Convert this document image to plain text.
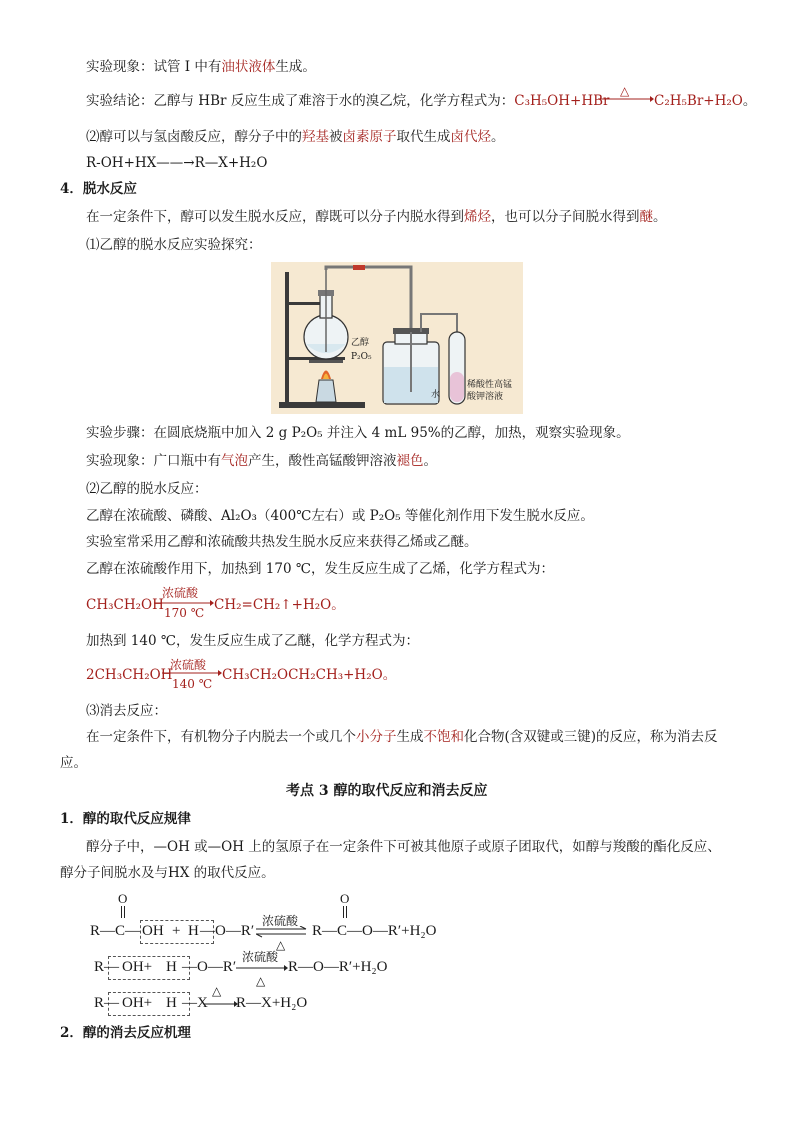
实验现象：试管 Ⅰ 中有油状液体生成。
实验结论：乙醇与 HBr 反应生成了难溶于水的溴乙烷，化学方程式为：C₃H₅OH+HBr
△
C₂H₅Br+H₂O。
⑵醇可以与氢卤酸反应，醇分子中的羟基被卤素原子取代生成卤代烃。
R-OH+HX——→R—X+H₂O
4．脱水反应
在一定条件下，醇可以发生脱水反应，醇既可以分子内脱水得到烯烃，也可以分子间脱水得到醚。
⑴乙醇的脱水反应实验探究：
乙醇
P₂O₅
水
稀酸性高锰
酸钾溶液
实验步骤：在圆底烧瓶中加入 2 g P₂O₅ 并注入 4 mL 95%的乙醇，加热，观察实验现象。
实验现象：广口瓶中有气泡产生，酸性高锰酸钾溶液褪色。
⑵乙醇的脱水反应：
乙醇在浓硫酸、磷酸、Al₂O₃（400℃左右）或 P₂O₅ 等催化剂作用下发生脱水反应。
实验室常采用乙醇和浓硫酸共热发生脱水反应来获得乙烯或乙醚。
乙醇在浓硫酸作用下，加热到 170 ℃，发生反应生成了乙烯，化学方程式为：
CH₃CH₂OH
浓硫酸
170 ℃ CH₂=CH₂↑+H₂O。
加热到 140 ℃，发生反应生成了乙醚，化学方程式为：
2CH₃CH₂OH
浓硫酸
140 ℃
CH₃CH₂OCH₂CH₃+H₂O。
⑶消去反应：
在一定条件下，有机物分子内脱去一个或几个小分子生成不饱和化合物(含双键或三键)的反应，称为消去反
应。
考点 3 醇的取代反应和消去反应
1．醇的取代反应规律
醇分子中，—OH 或—OH 上的氢原子在一定条件下可被其他原子或原子团取代，如醇与羧酸的酯化反应、
醇分子间脱水及与HX 的取代反应。
O	O
R—C— OH + H —O—R′
浓硫酸
△
R—C—O—R′+H₂O
R— OH+ H —O—R′
浓硫酸
△
R—O—R′+H₂O
R— OH+ H —X
△
R—X+H₂O
2．醇的消去反应机理
